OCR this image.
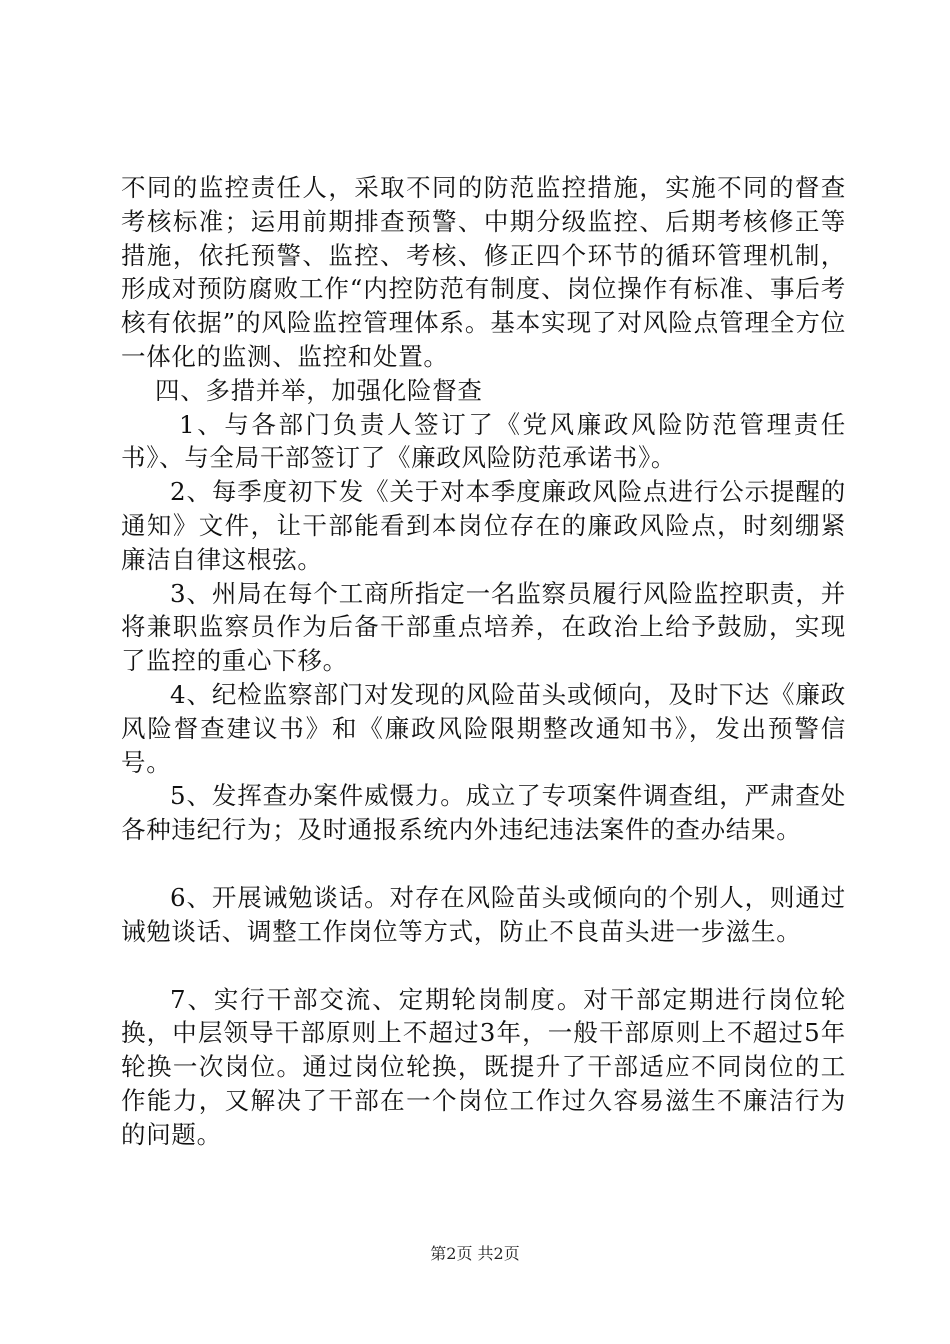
不同的监控责任人，采取不同的防范监控措施，实施不同的督查考核标准；运用前期排查预警、中期分级监控、后期考核修正等措施，依托预警、监控、考核、修正四个环节的循环管理机制，形成对预防腐败工作“内控防范有制度、岗位操作有标准、事后考核有依据”的风险监控管理体系。基本实现了对风险点管理全方位一体化的监测、监控和处置。

四、多措并举，加强化险督查

1、与各部门负责人签订了《党风廉政风险防范管理责任书》、与全局干部签订了《廉政风险防范承诺书》。

2、每季度初下发《关于对本季度廉政风险点进行公示提醒的通知》文件，让干部能看到本岗位存在的廉政风险点，时刻绷紧廉洁自律这根弦。

3、州局在每个工商所指定一名监察员履行风险监控职责，并将兼职监察员作为后备干部重点培养，在政治上给予鼓励，实现了监控的重心下移。

4、纪检监察部门对发现的风险苗头或倾向，及时下达《廉政风险督查建议书》和《廉政风险限期整改通知书》，发出预警信号。

5、发挥查办案件威慑力。成立了专项案件调查组，严肃查处各种违纪行为；及时通报系统内外违纪违法案件的查办结果。

6、开展诫勉谈话。对存在风险苗头或倾向的个别人，则通过诫勉谈话、调整工作岗位等方式，防止不良苗头进一步滋生。

7、实行干部交流、定期轮岗制度。对干部定期进行岗位轮换，中层领导干部原则上不超过3年，一般干部原则上不超过5年轮换一次岗位。通过岗位轮换，既提升了干部适应不同岗位的工作能力，又解决了干部在一个岗位工作过久容易滋生不廉洁行为的问题。

第2页 共2页
